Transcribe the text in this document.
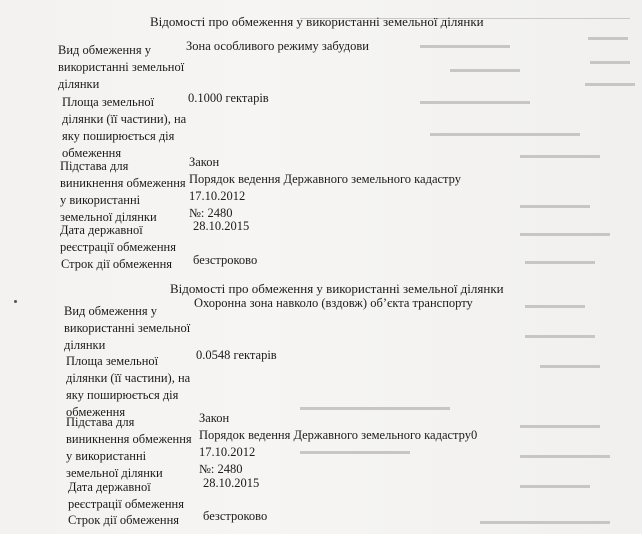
▬▬▬▬
▬▬▬▬
▬▬▬▬▬
▬▬▬▬▬▬▬▬▬
▬▬▬▬▬▬▬
▬▬▬▬▬▬▬▬▬▬▬
▬▬▬▬▬▬▬▬▬▬▬▬▬▬▬
▬▬▬▬▬▬▬▬
▬▬▬▬▬▬▬
▬▬▬▬▬▬▬▬▬
▬▬▬▬▬▬▬
▬▬▬▬▬▬
▬▬▬▬▬▬▬
▬▬▬▬▬▬
▬▬▬▬▬▬▬▬
▬▬▬▬▬▬▬▬▬
▬▬▬▬▬▬▬
▬▬▬▬▬▬▬▬▬▬▬▬▬
▬▬▬▬▬▬▬▬▬▬▬▬▬▬▬
▬▬▬▬▬▬▬▬▬▬▬
Відомості про обмеження у використанні земельної ділянки
Вид обмеження у
використанні земельної
ділянки
Зона особливого режиму забудови
Площа земельної
ділянки (її частини), на
яку поширюється дія
обмеження
0.1000 гектарів
Підстава для
виникнення обмеження
у використанні
земельної ділянки
Закон
Порядок ведення Державного земельного кадастру
17.10.2012
№: 2480
Дата державної
реєстрації обмеження
28.10.2015
Строк дії обмеження безстроково
Відомості про обмеження у використанні земельної ділянки
Вид обмеження у
використанні земельної
ділянки
Охоронна зона навколо (вздовж) об’єкта транспорту
Площа земельної
ділянки (її частини), на
яку поширюється дія
обмеження
0.0548 гектарів
Підстава для
виникнення обмеження
у використанні
земельної ділянки
Закон
Порядок ведення Державного земельного кадастру0
17.10.2012
№: 2480
Дата державної
реєстрації обмеження
28.10.2015
Строк дії обмеження безстроково
